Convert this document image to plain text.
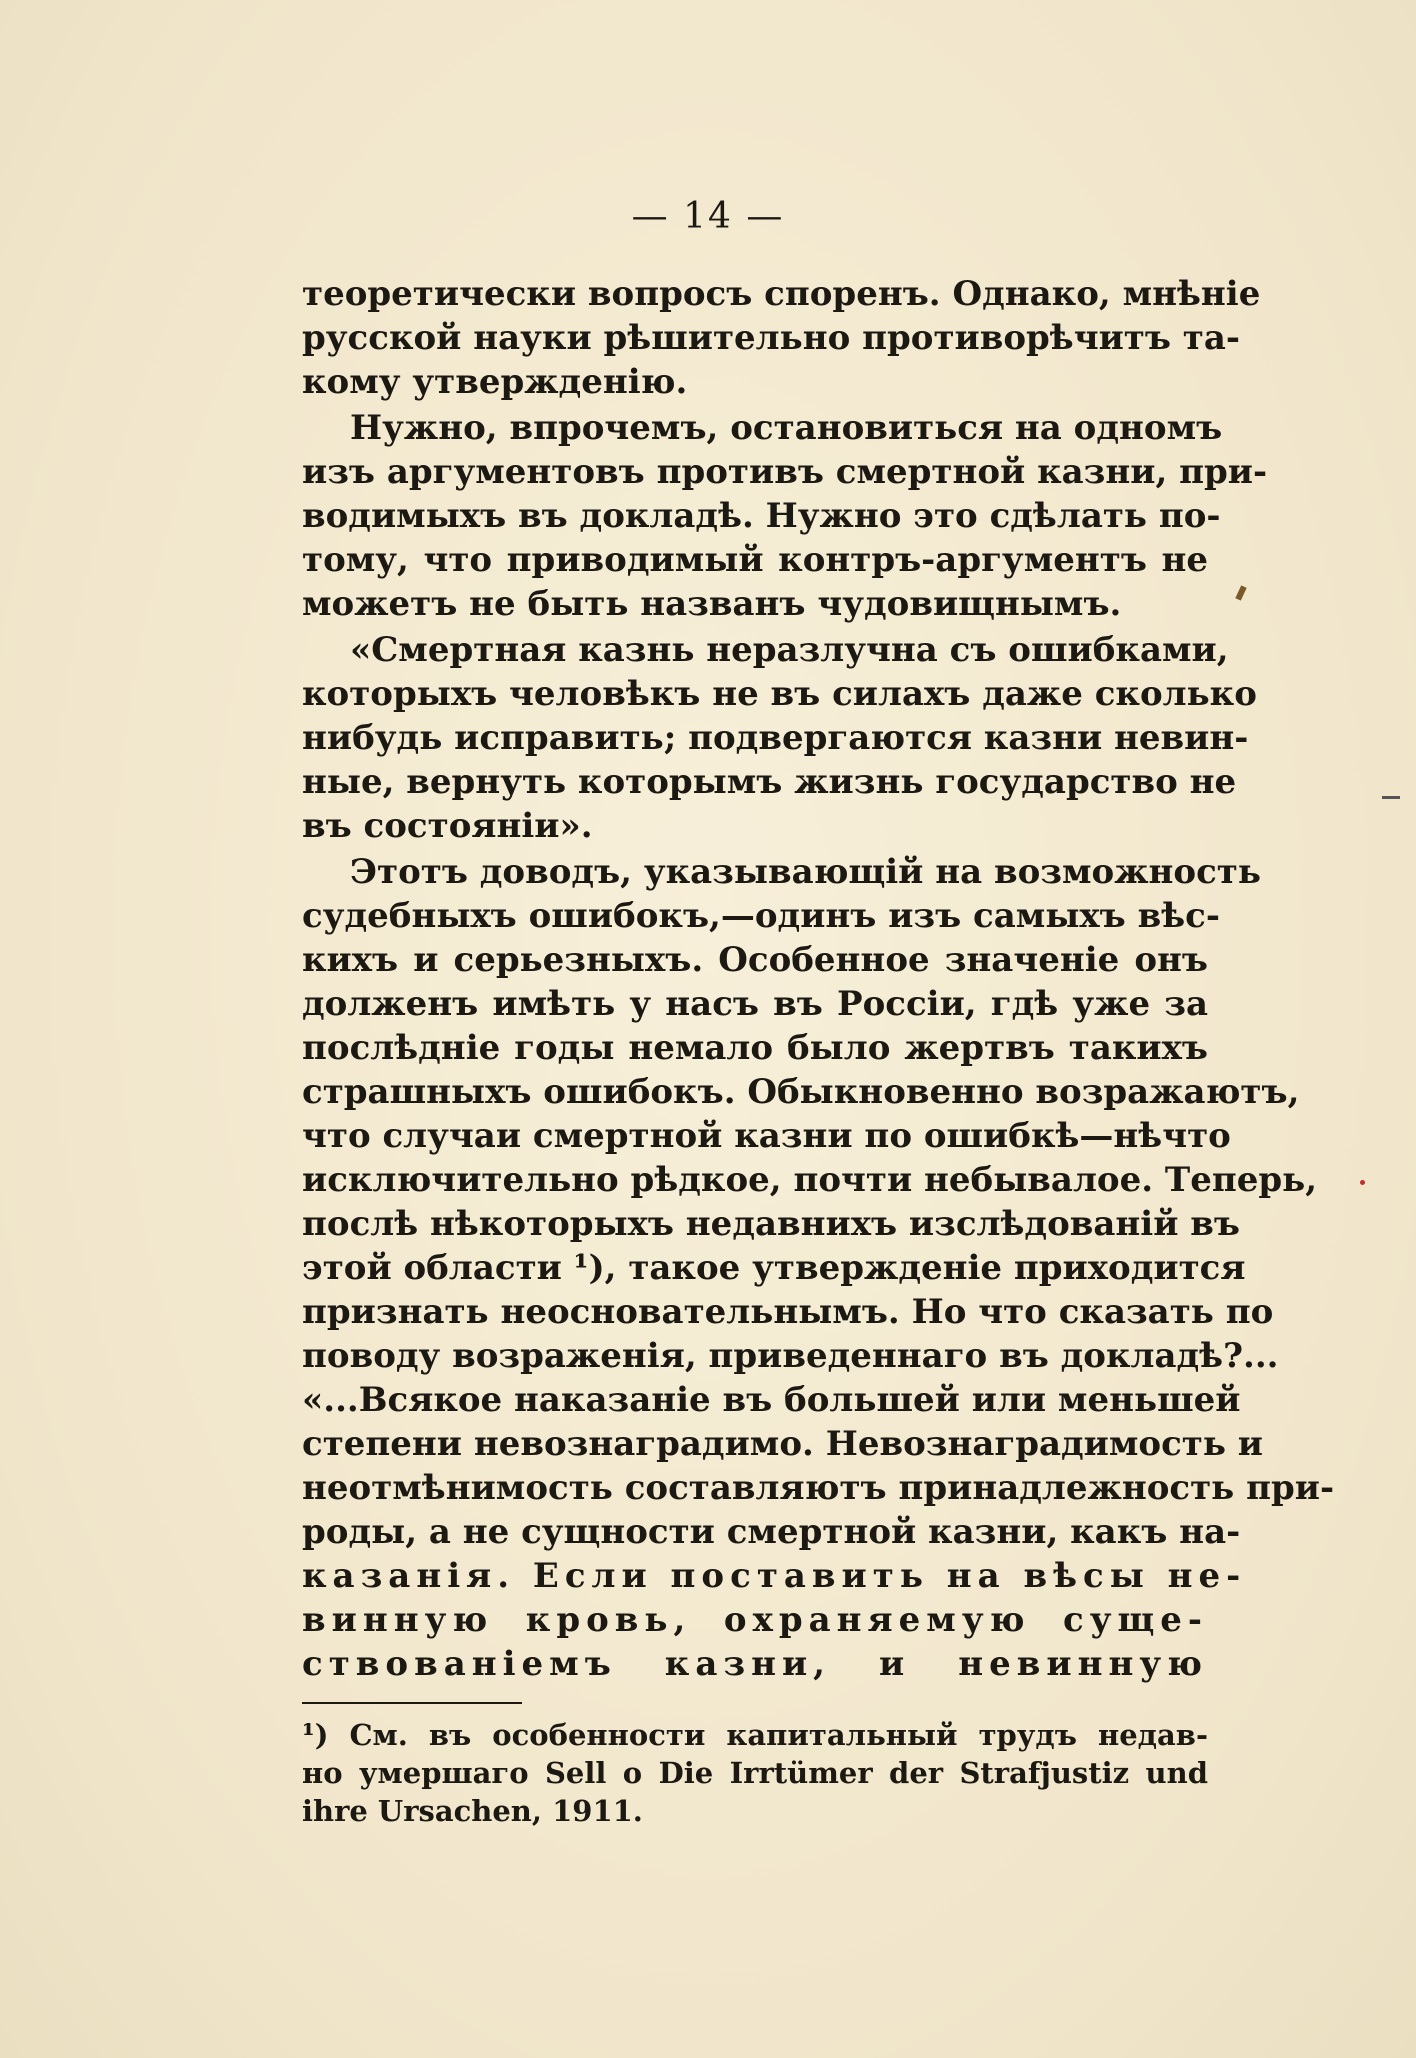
— 14 —
теоретически вопросъ споренъ. Однако, мнѣніе
русской науки рѣшительно противорѣчитъ та-
кому утвержденію.
Нужно, впрочемъ, остановиться на одномъ
изъ аргументовъ противъ смертной казни, при-
водимыхъ въ докладѣ. Нужно это сдѣлать по-
тому, что приводимый контръ-аргументъ не
можетъ не быть названъ чудовищнымъ.
«Смертная казнь неразлучна съ ошибками,
которыхъ человѣкъ не въ силахъ даже сколько
нибудь исправить; подвергаются казни невин-
ные, вернуть которымъ жизнь государство не
въ состояніи».
Этотъ доводъ, указывающій на возможность
судебныхъ ошибокъ,—одинъ изъ самыхъ вѣс-
кихъ и серьезныхъ. Особенное значеніе онъ
долженъ имѣть у насъ въ Россіи, гдѣ уже за
послѣдніе годы немало было жертвъ такихъ
страшныхъ ошибокъ. Обыкновенно возражаютъ,
что случаи смертной казни по ошибкѣ—нѣчто
исключительно рѣдкое, почти небывалое. Теперь,
послѣ нѣкоторыхъ недавнихъ изслѣдованій въ
этой области ¹), такое утвержденіе приходится
признать неосновательнымъ. Но что сказать по
поводу возраженія, приведеннаго въ докладѣ?...
«...Всякое наказаніе въ большей или меньшей
степени невознаградимо. Невознаградимость и
неотмѣнимость составляютъ принадлежность при-
роды, а не сущности смертной казни, какъ на-
казанія. Если поставить на вѣсы не-
винную кровь, охраняемую суще-
ствованіемъ казни, и невинную
¹) См. въ особенности капитальный трудъ недав-
но умершаго Sell o Die Irrtümer der Strafjustiz und
ihre Ursachen, 1911.
